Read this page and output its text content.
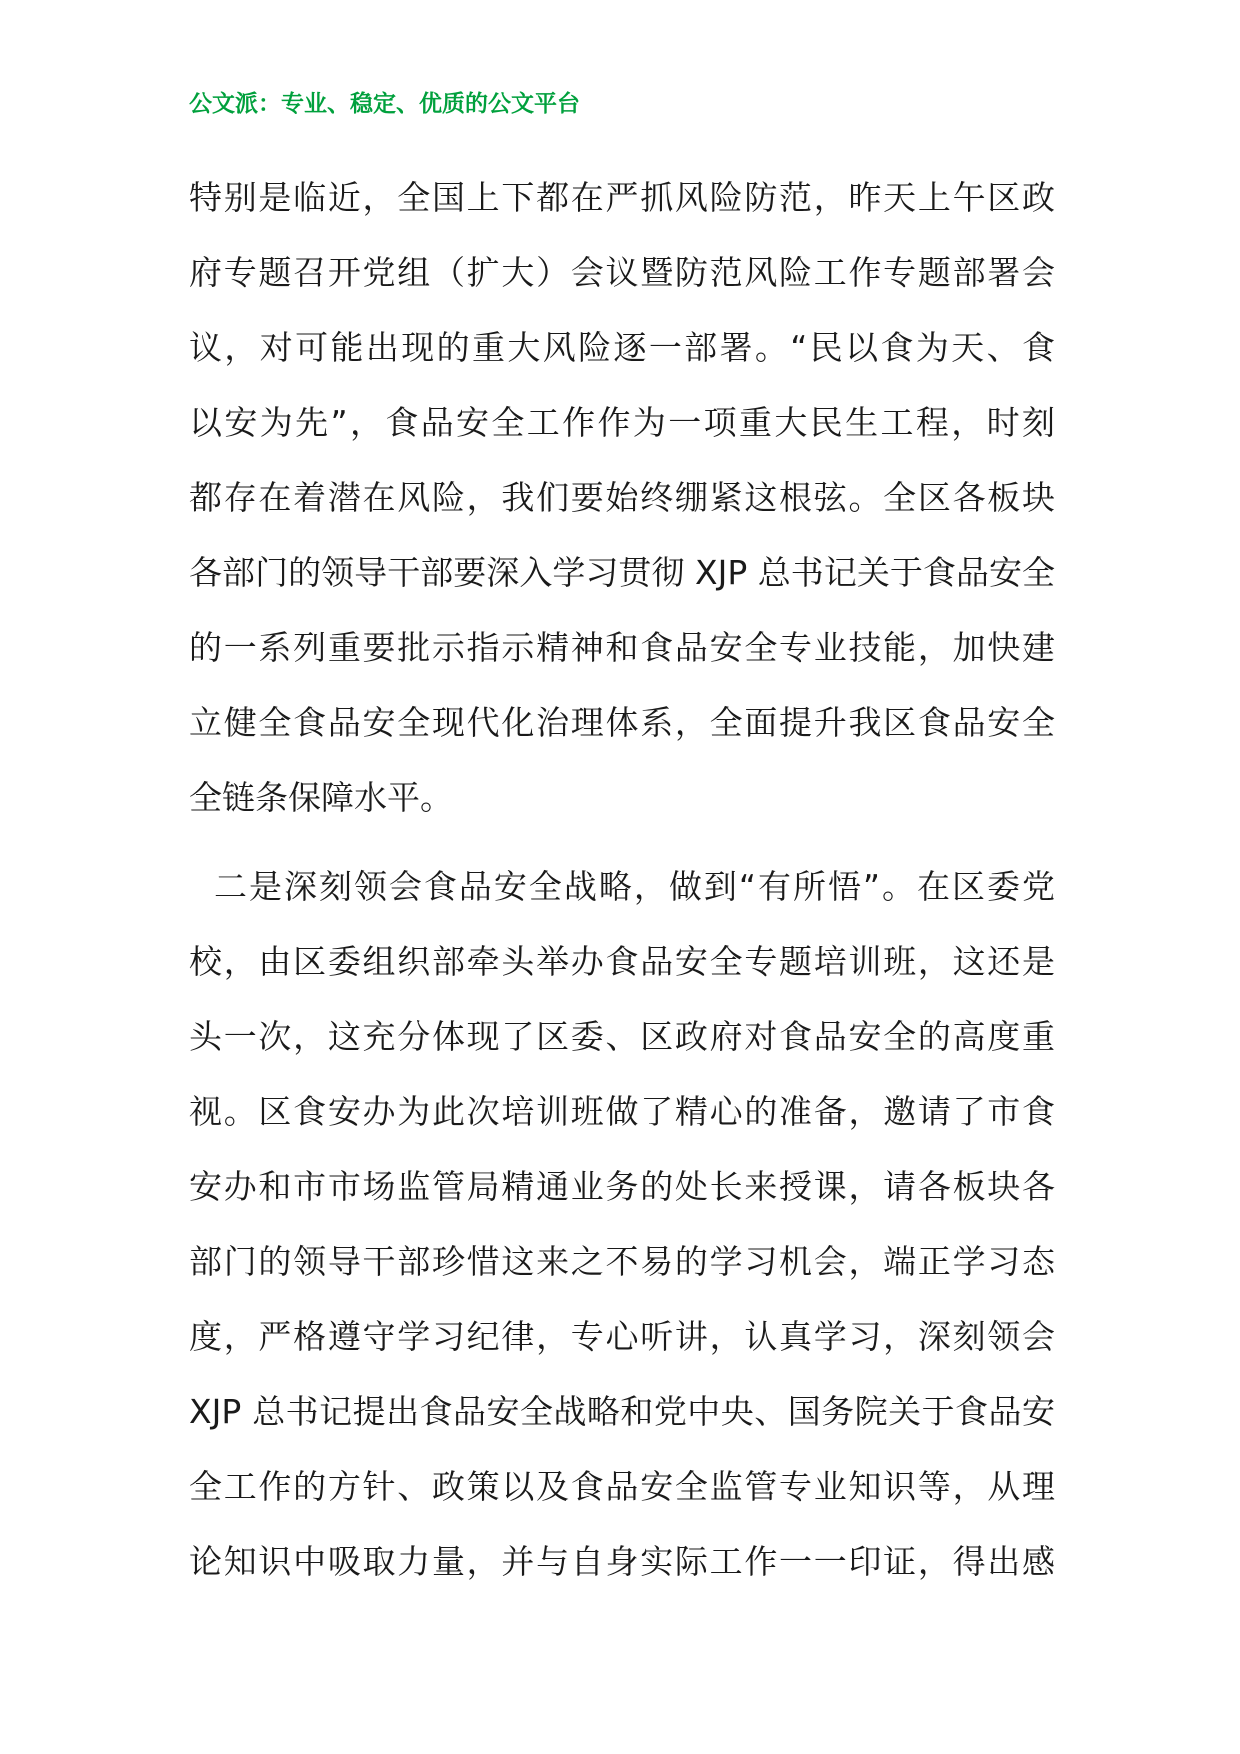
公文派：专业、稳定、优质的公文平台
特别是临近，全国上下都在严抓风险防范，昨天上午区政
府专题召开党组（扩大）会议暨防范风险工作专题部署会
议，对可能出现的重大风险逐一部署。“民以食为天、食
以安为先”，食品安全工作作为一项重大民生工程，时刻
都存在着潜在风险，我们要始终绷紧这根弦。全区各板块
各部门的领导干部要深入学习贯彻 XJP 总书记关于食品安全
的一系列重要批示指示精神和食品安全专业技能，加快建
立健全食品安全现代化治理体系，全面提升我区食品安全
全链条保障水平。
二是深刻领会食品安全战略，做到“有所悟”。在区委党
校，由区委组织部牵头举办食品安全专题培训班，这还是
头一次，这充分体现了区委、区政府对食品安全的高度重
视。区食安办为此次培训班做了精心的准备，邀请了市食
安办和市市场监管局精通业务的处长来授课，请各板块各
部门的领导干部珍惜这来之不易的学习机会，端正学习态
度，严格遵守学习纪律，专心听讲，认真学习，深刻领会
XJP 总书记提出食品安全战略和党中央、国务院关于食品安
全工作的方针、政策以及食品安全监管专业知识等，从理
论知识中吸取力量，并与自身实际工作一一印证，得出感
